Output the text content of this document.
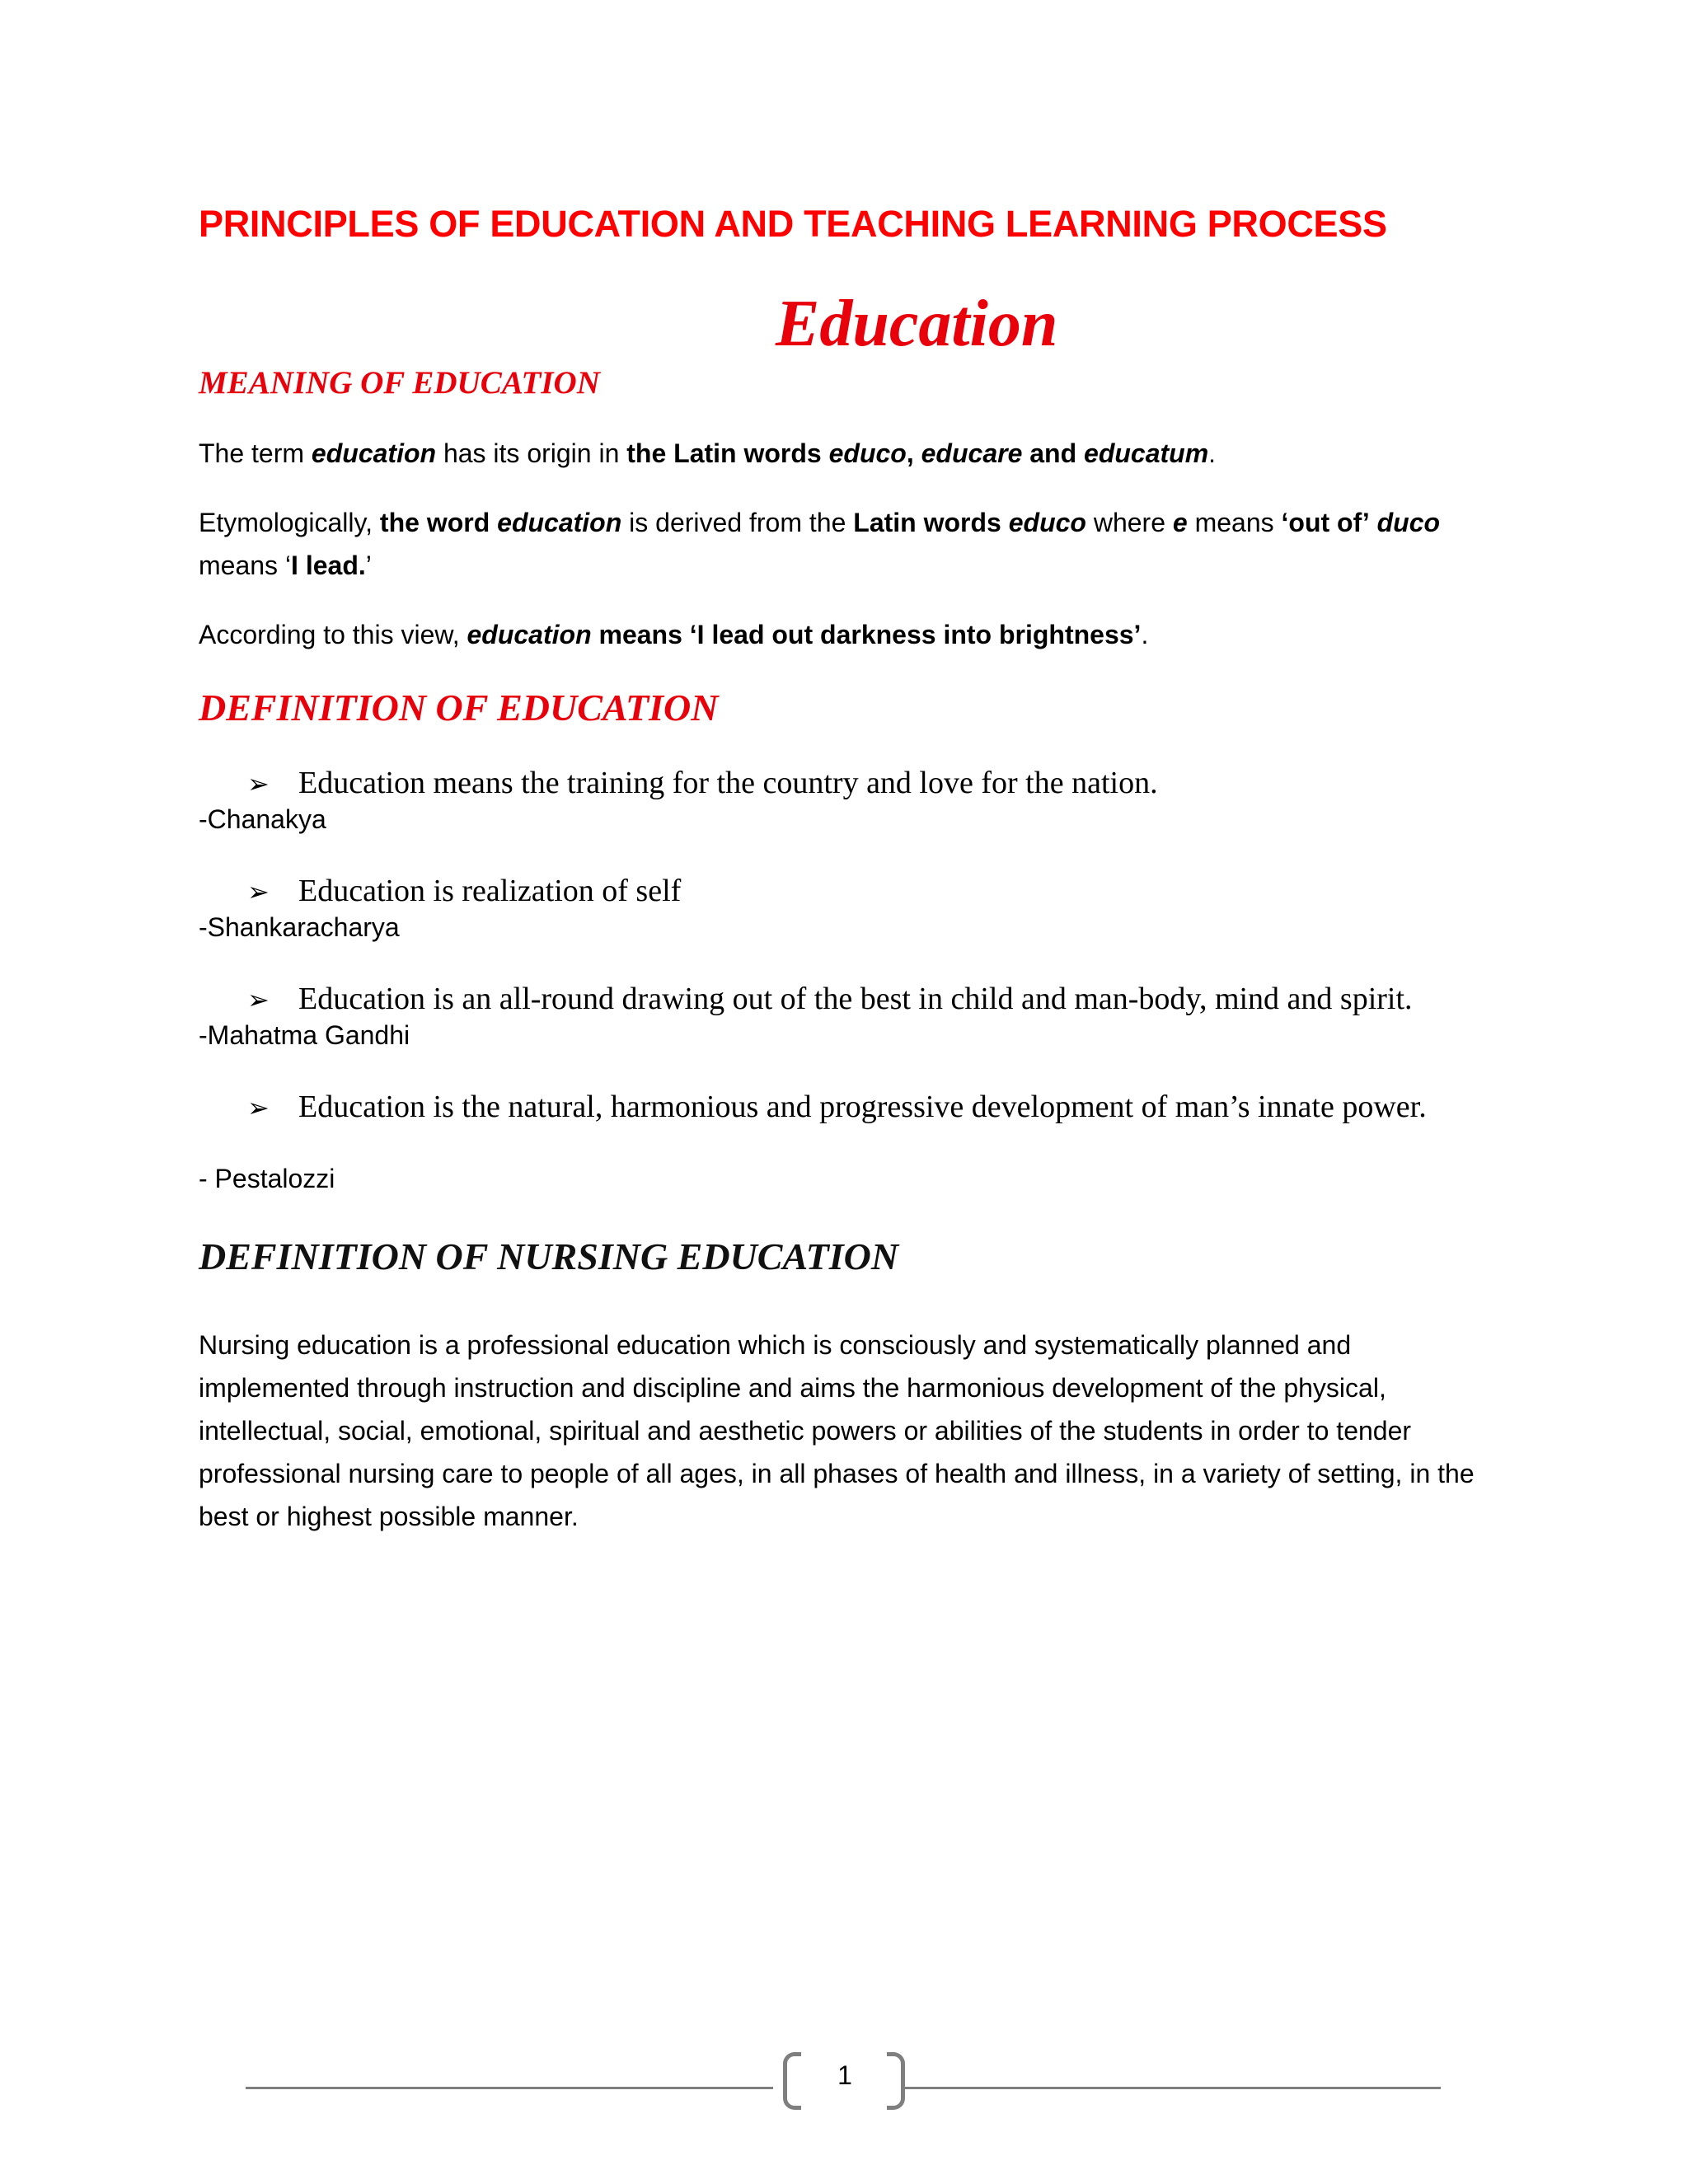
PRINCIPLES OF EDUCATION AND TEACHING LEARNING PROCESS
Education
MEANING OF EDUCATION
The term education has its origin in the Latin words educo, educare and educatum.
Etymologically, the word education is derived from the Latin words educo where e means ‘out of’ duco
means ‘I lead.’
According to this view, education means ‘I lead out darkness into brightness’.
DEFINITION OF EDUCATION
➢ Education means the training for the country and love for the nation.
-Chanakya
➢ Education is realization of self
-Shankaracharya
➢ Education is an all-round drawing out of the best in child and man-body, mind and spirit.
-Mahatma Gandhi
➢ Education is the natural, harmonious and progressive development of man’s innate power.
- Pestalozzi
DEFINITION OF NURSING EDUCATION
Nursing education is a professional education which is consciously and systematically planned and implemented through instruction and discipline and aims the harmonious development of the physical, intellectual, social, emotional, spiritual and aesthetic powers or abilities of the students in order to tender professional nursing care to people of all ages, in all phases of health and illness, in a variety of setting, in the best or highest possible manner.
1
